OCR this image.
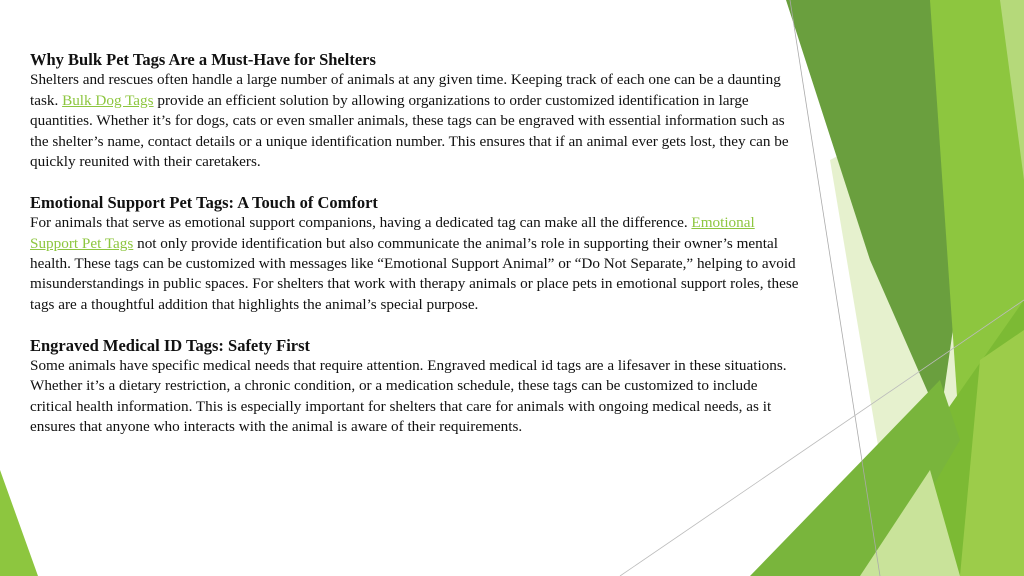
Why Bulk Pet Tags Are a Must-Have for Shelters

Shelters and rescues often handle a large number of animals at any given time. Keeping track of each one can be a daunting task. Bulk Dog Tags provide an efficient solution by allowing organizations to order customized identification in large quantities. Whether it’s for dogs, cats or even smaller animals, these tags can be engraved with essential information such as the shelter’s name, contact details or a unique identification number. This ensures that if an animal ever gets lost, they can be quickly reunited with their caretakers.

Emotional Support Pet Tags: A Touch of Comfort

For animals that serve as emotional support companions, having a dedicated tag can make all the difference. Emotional Support Pet Tags not only provide identification but also communicate the animal’s role in supporting their owner’s mental health. These tags can be customized with messages like “Emotional Support Animal” or “Do Not Separate,” helping to avoid misunderstandings in public spaces. For shelters that work with therapy animals or place pets in emotional support roles, these tags are a thoughtful addition that highlights the animal’s special purpose.

Engraved Medical ID Tags: Safety First

Some animals have specific medical needs that require attention. Engraved medical id tags are a lifesaver in these situations. Whether it’s a dietary restriction, a chronic condition, or a medication schedule, these tags can be customized to include critical health information. This is especially important for shelters that care for animals with ongoing medical needs, as it ensures that anyone who interacts with the animal is aware of their requirements.
